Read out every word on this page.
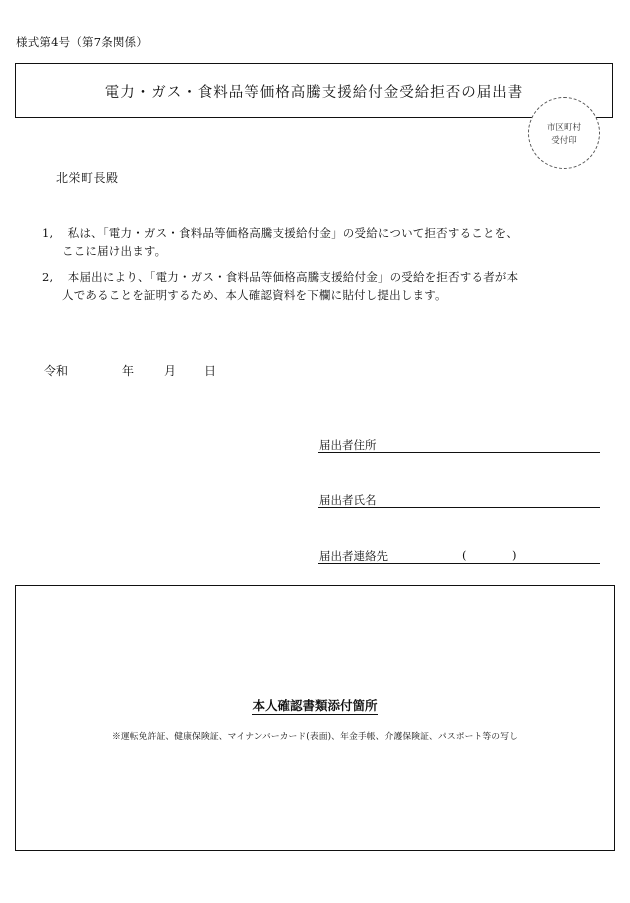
様式第4号（第7条関係）
電力・ガス・食料品等価格高騰支援給付金受給拒否の届出書
市区町村
受付印
北栄町長殿
1,	私は、「電力・ガス・食料品等価格高騰支援給付金」の受給について拒否することを、
ここに届け出ます。
2,	本届出により、「電力・ガス・食料品等価格高騰支援給付金」の受給を拒否する者が本
人であることを証明するため、本人確認資料を下欄に貼付し提出します。
令和	年 月 日
届出者住所
届出者氏名
届出者連絡先	(	)
本人確認書類添付箇所
※運転免許証、健康保険証、マイナンバーカード(表面)、年金手帳、介護保険証、パスポート等の写し
